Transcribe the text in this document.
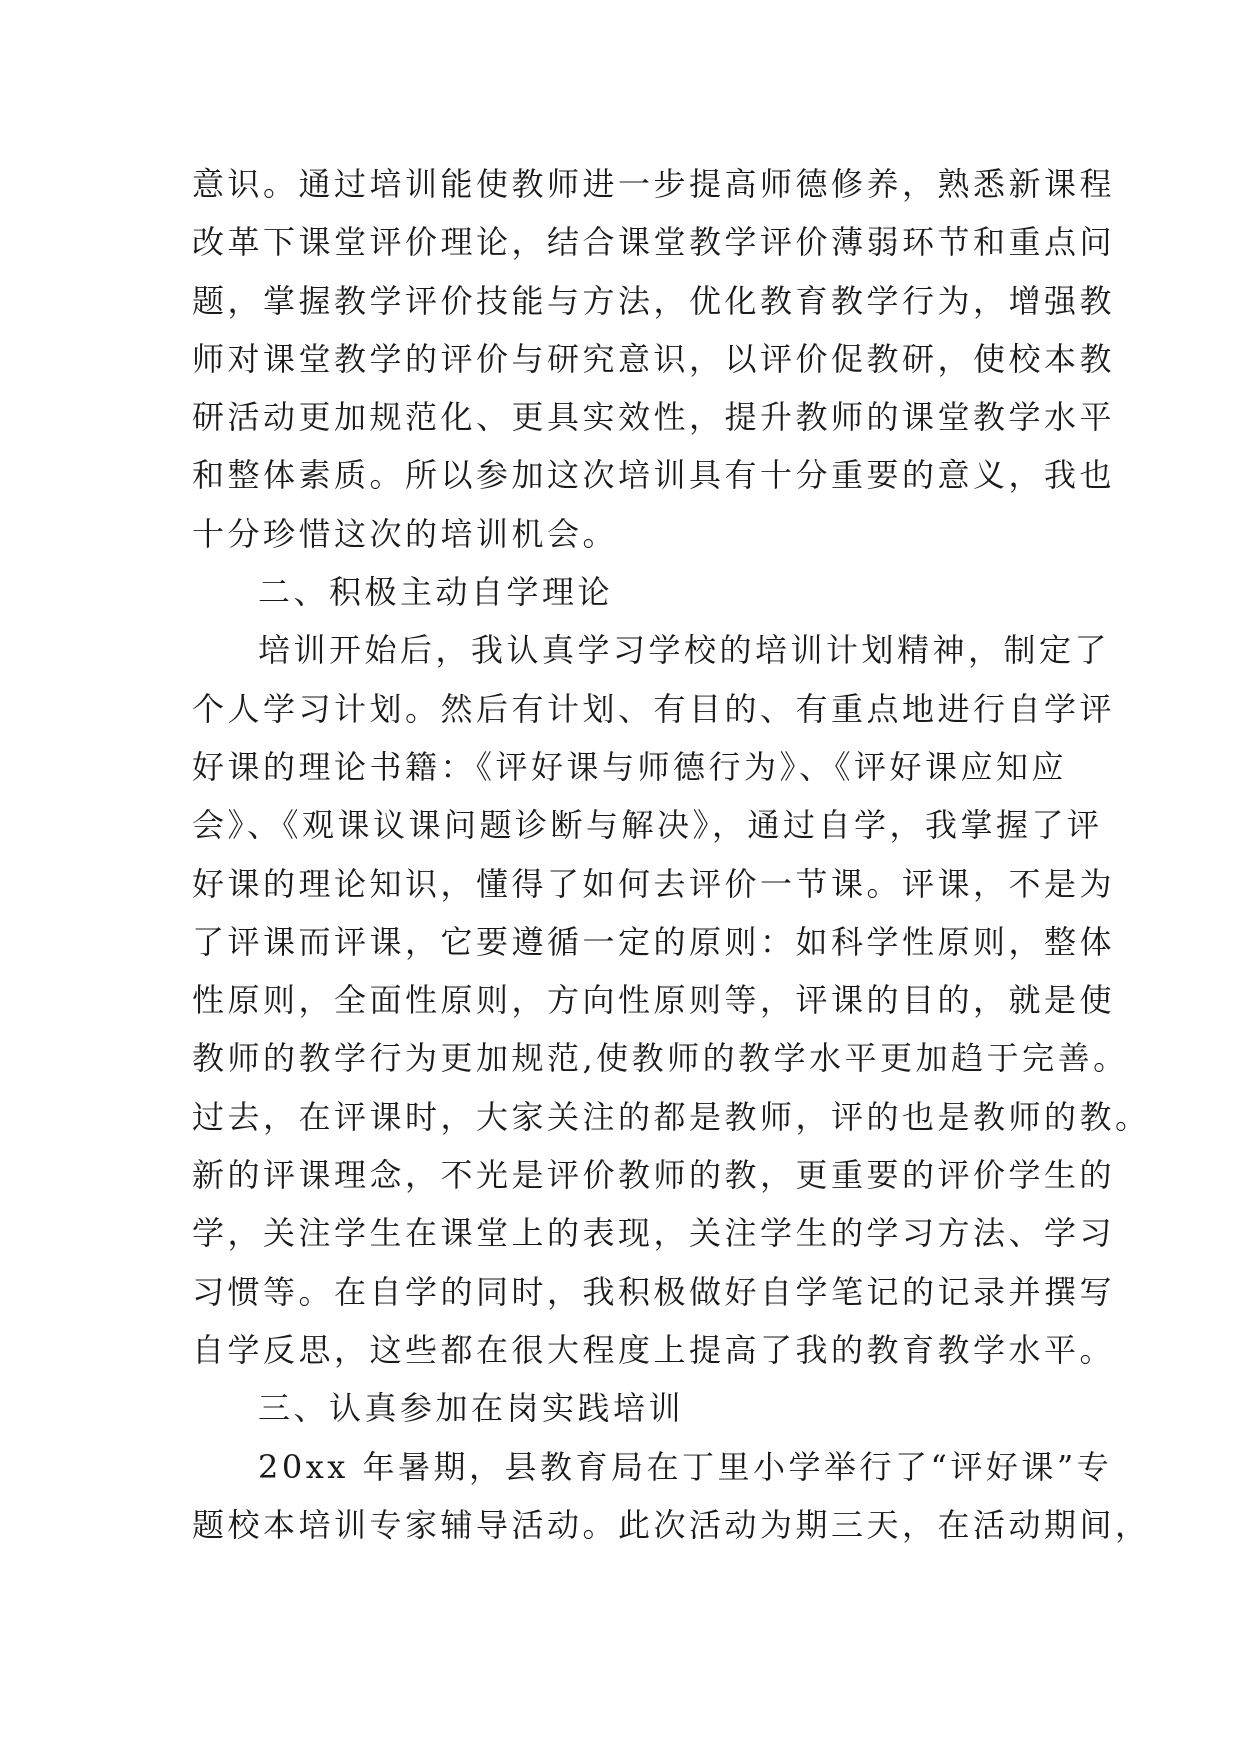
意识。通过培训能使教师进一步提高师德修养，熟悉新课程
改革下课堂评价理论，结合课堂教学评价薄弱环节和重点问
题，掌握教学评价技能与方法，优化教育教学行为，增强教
师对课堂教学的评价与研究意识，以评价促教研，使校本教
研活动更加规范化、更具实效性，提升教师的课堂教学水平
和整体素质。所以参加这次培训具有十分重要的意义，我也
十分珍惜这次的培训机会。
二、积极主动自学理论
培训开始后，我认真学习学校的培训计划精神，制定了
个人学习计划。然后有计划、有目的、有重点地进行自学评
好课的理论书籍：《评好课与师德行为》、《评好课应知应
会》、《观课议课问题诊断与解决》，通过自学，我掌握了评
好课的理论知识，懂得了如何去评价一节课。评课，不是为
了评课而评课，它要遵循一定的原则：如科学性原则，整体
性原则，全面性原则，方向性原则等，评课的目的，就是使
教师的教学行为更加规范,使教师的教学水平更加趋于完善。
过去，在评课时，大家关注的都是教师，评的也是教师的教。
新的评课理念，不光是评价教师的教，更重要的评价学生的
学，关注学生在课堂上的表现，关注学生的学习方法、学习
习惯等。在自学的同时，我积极做好自学笔记的记录并撰写
自学反思，这些都在很大程度上提高了我的教育教学水平。
三、认真参加在岗实践培训
20xx 年暑期，县教育局在丁里小学举行了“评好课”专
题校本培训专家辅导活动。此次活动为期三天，在活动期间，
